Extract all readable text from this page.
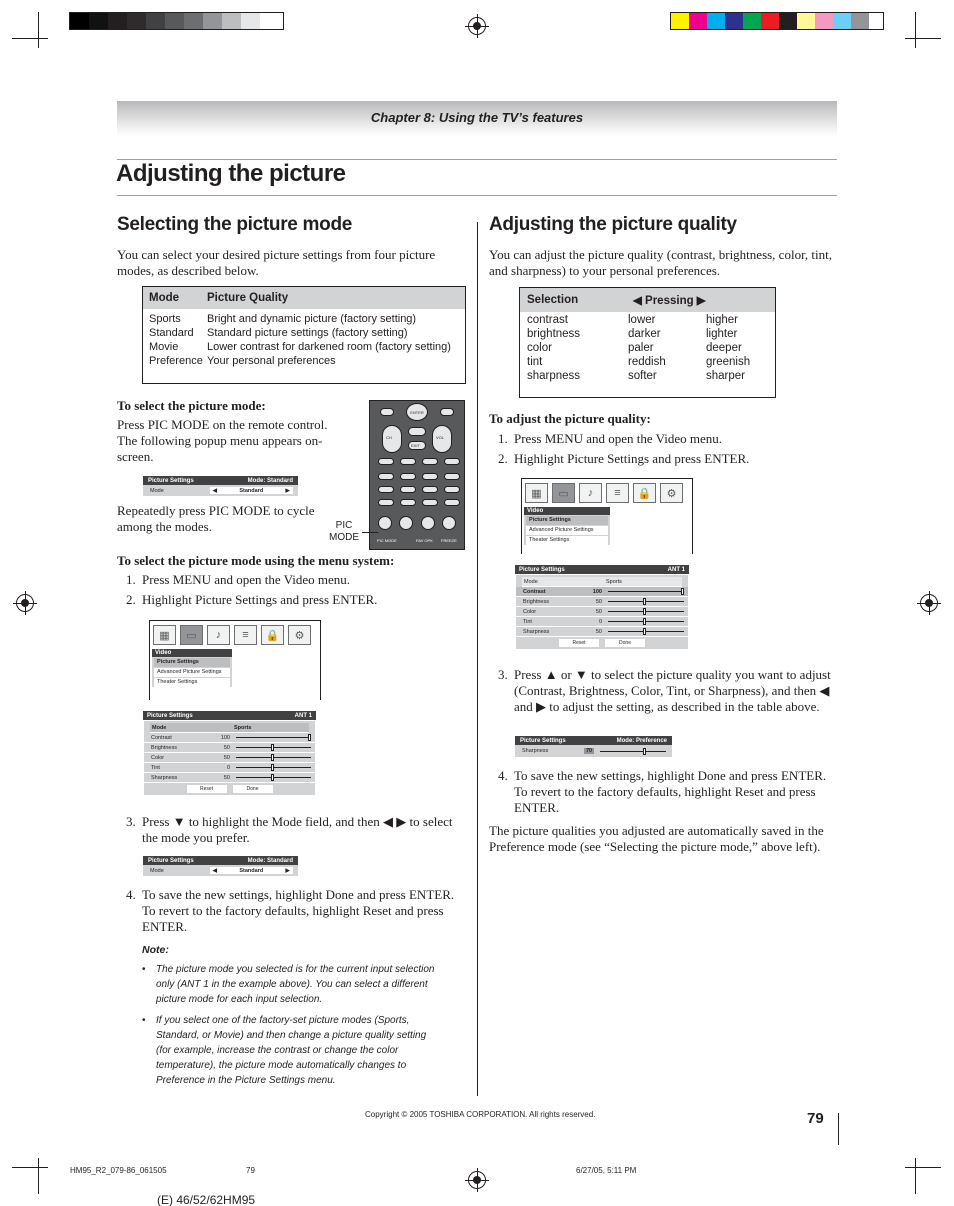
Chapter 8: Using the TV’s features
Adjusting the picture
Selecting the picture mode
You can select your desired picture settings from four picture modes, as described below.
Mode	Picture Quality
Sports	Bright and dynamic picture (factory setting)
Standard	Standard picture settings (factory setting)
Movie	Lower contrast for darkened room (factory setting)
Preference	Your personal preferences
To select the picture mode:
Press PIC MODE on the remote control. The following popup menu appears on-screen.
Picture Settings	Mode: Standard
Mode	◀	Standard	▶
Repeatedly press PIC MODE to cycle among the modes.
ENTER
CH	VOL
EXIT
PIC MODE	FAV OPK FREEZE
PIC
MODE
To select the picture mode using the menu system:
1. Press MENU and open the Video menu.
2. Highlight Picture Settings and press ENTER.
▦	▭	♪	≡	🔒	⚙
Video
Picture Settings
Advanced Picture Settings
Theater Settings
Picture Settings	ANT 1
Mode	Sports
Contrast	100
Brightness	50
Color	50
Tint	0
Sharpness	50
Reset	Done
3. Press ▼ to highlight the Mode field, and then ◀ ▶ to select the mode you prefer.
Picture Settings	Mode: Standard
Mode	◀	Standard	▶
4. To save the new settings, highlight Done and press ENTER. To revert to the factory defaults, highlight Reset and press ENTER.
Note:
• The picture mode you selected is for the current input selection only (ANT 1 in the example above). You can select a different picture mode for each input selection.
• If you select one of the factory-set picture modes (Sports, Standard, or Movie) and then change a picture quality setting (for example, increase the contrast or change the color temperature), the picture mode automatically changes to Preference in the Picture Settings menu.
Adjusting the picture quality
You can adjust the picture quality (contrast, brightness, color, tint, and sharpness) to your personal preferences.
Selection	◀ Pressing ▶
contrast	lower	higher
brightness	darker	lighter
color	paler	deeper
tint	reddish	greenish
sharpness	softer	sharper
To adjust the picture quality:
1. Press MENU and open the Video menu.
2. Highlight Picture Settings and press ENTER.
▦	▭	♪	≡	🔒	⚙
Video
Picture Settings
Advanced Picture Settings
Theater Settings
Picture Settings	ANT 1
Mode	Sports
Contrast	100
Brightness	50
Color	50
Tint	0
Sharpness	50
Reset	Done
3. Press ▲ or ▼ to select the picture quality you want to adjust (Contrast, Brightness, Color, Tint, or Sharpness), and then ◀ and ▶ to adjust the setting, as described in the table above.
Picture Settings	Mode: Preference
Sharpness	70
4. To save the new settings, highlight Done and press ENTER. To revert to the factory defaults, highlight Reset and press ENTER.
The picture qualities you adjusted are automatically saved in the Preference mode (see “Selecting the picture mode,” above left).
Copyright © 2005 TOSHIBA CORPORATION. All rights reserved.	79
HM95_R2_079-86_061505	79	6/27/05, 5:11 PM
(E) 46/52/62HM95
